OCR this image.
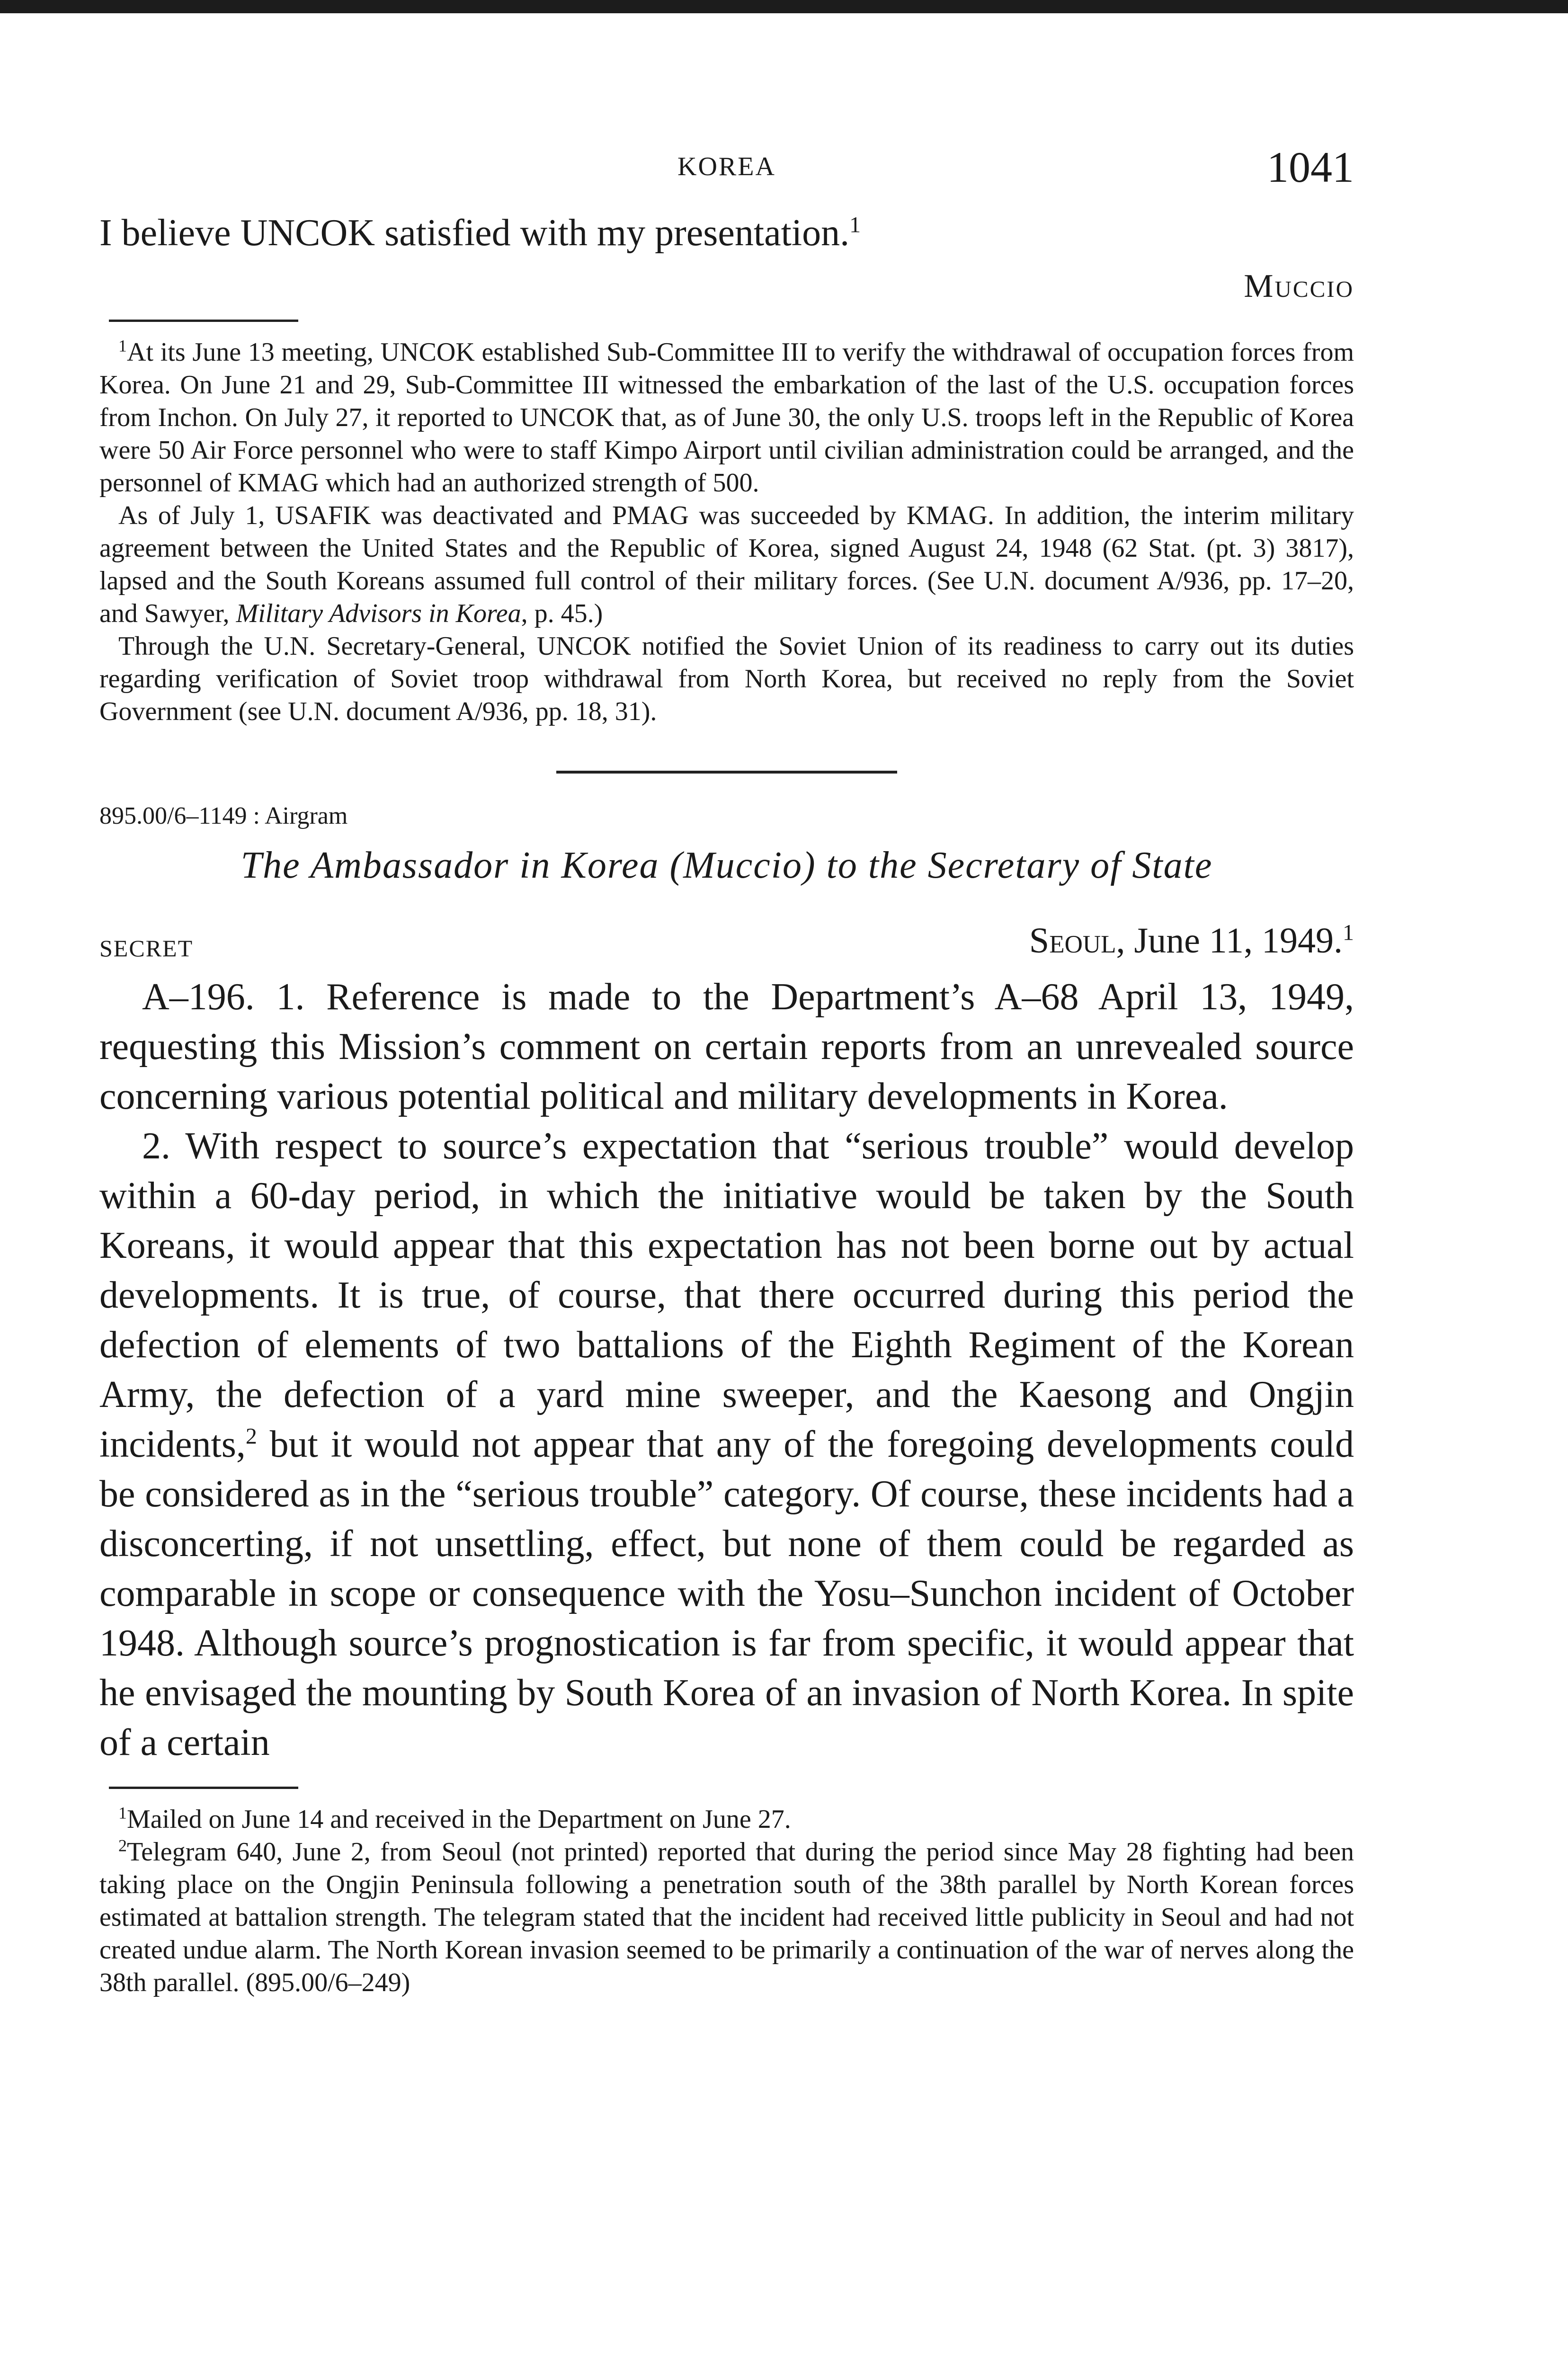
KOREA	1041

I believe UNCOK satisfied with my presentation.$^1$

Muccio

$^1$At its June 13 meeting, UNCOK established Sub-Committee III to verify the withdrawal of occupation forces from Korea. On June 21 and 29, Sub-Committee III witnessed the embarkation of the last of the U.S. occupation forces from Inchon. On July 27, it reported to UNCOK that, as of June 30, the only U.S. troops left in the Republic of Korea were 50 Air Force personnel who were to staff Kimpo Airport until civilian administration could be arranged, and the personnel of KMAG which had an authorized strength of 500.

As of July 1, USAFIK was deactivated and PMAG was succeeded by KMAG. In addition, the interim military agreement between the United States and the Republic of Korea, signed August 24, 1948 (62 Stat. (pt. 3) 3817), lapsed and the South Koreans assumed full control of their military forces. (See U.N. document A/936, pp. 17–20, and Sawyer, Military Advisors in Korea, p. 45.)

Through the U.N. Secretary-General, UNCOK notified the Soviet Union of its readiness to carry out its duties regarding verification of Soviet troop withdrawal from North Korea, but received no reply from the Soviet Government (see U.N. document A/936, pp. 18, 31).

895.00/6–1149 : Airgram

The Ambassador in Korea (Muccio) to the Secretary of State

SECRET	Seoul, June 11, 1949.$^1$

A–196. 1. Reference is made to the Department’s A–68 April 13, 1949, requesting this Mission’s comment on certain reports from an unrevealed source concerning various potential political and military developments in Korea.

2. With respect to source’s expectation that “serious trouble” would develop within a 60-day period, in which the initiative would be taken by the South Koreans, it would appear that this expectation has not been borne out by actual developments. It is true, of course, that there occurred during this period the defection of elements of two battalions of the Eighth Regiment of the Korean Army, the defection of a yard mine sweeper, and the Kaesong and Ongjin incidents,$^2$ but it would not appear that any of the foregoing developments could be considered as in the “serious trouble” category. Of course, these incidents had a disconcerting, if not unsettling, effect, but none of them could be regarded as comparable in scope or consequence with the Yosu–Sunchon incident of October 1948. Although source’s prognostication is far from specific, it would appear that he envisaged the mounting by South Korea of an invasion of North Korea. In spite of a certain

$^1$Mailed on June 14 and received in the Department on June 27.

$^2$Telegram 640, June 2, from Seoul (not printed) reported that during the period since May 28 fighting had been taking place on the Ongjin Peninsula following a penetration south of the 38th parallel by North Korean forces estimated at battalion strength. The telegram stated that the incident had received little publicity in Seoul and had not created undue alarm. The North Korean invasion seemed to be primarily a continuation of the war of nerves along the 38th parallel. (895.00/6–249)
